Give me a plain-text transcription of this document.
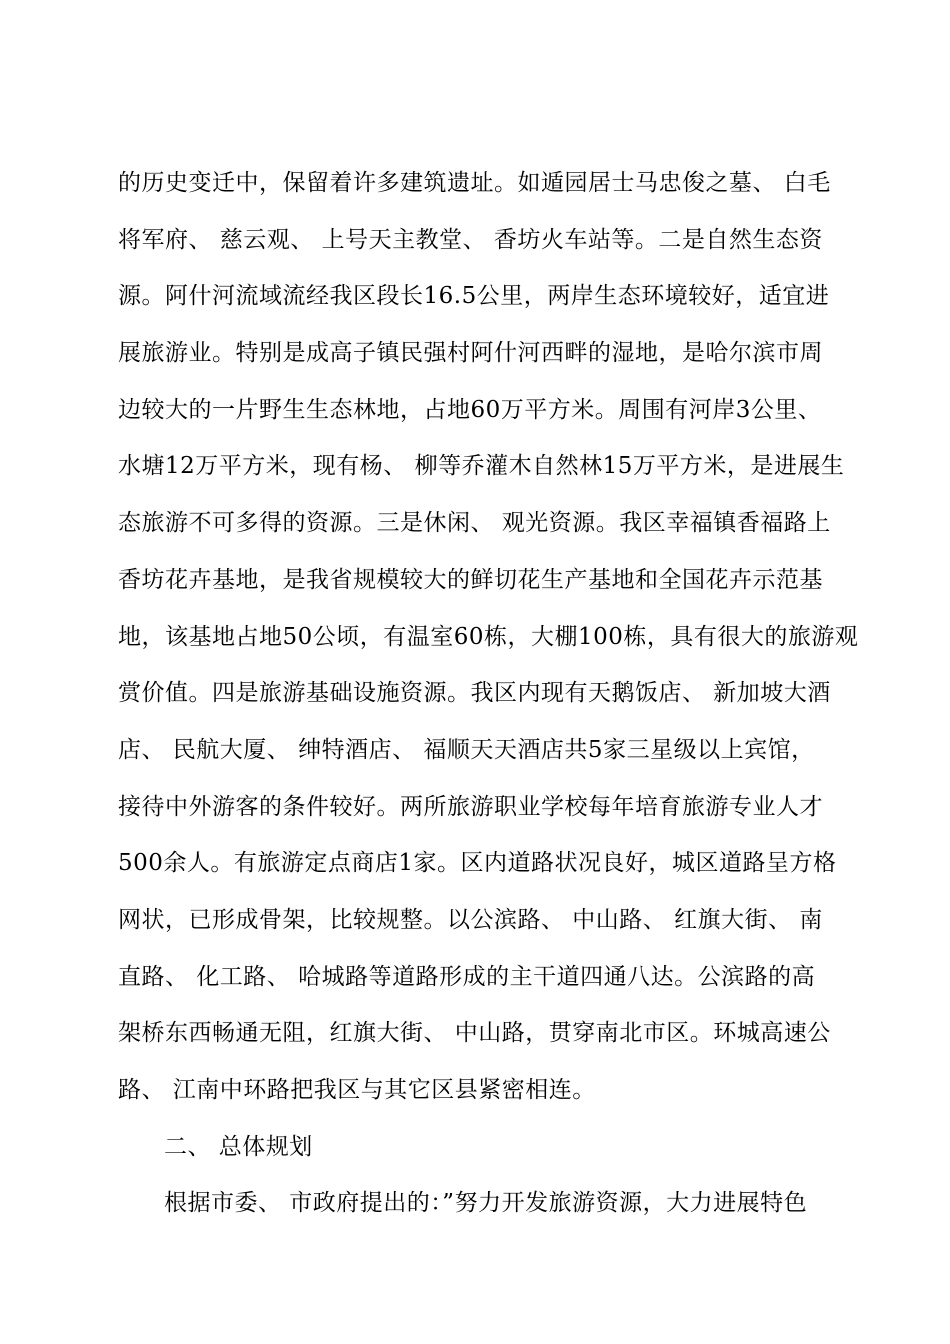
的历史变迁中，保留着许多建筑遗址。如遁园居士马忠俊之墓、 白毛
将军府、 慈云观、 上号天主教堂、 香坊火车站等。二是自然生态资
源。阿什河流域流经我区段长16.5公里，两岸生态环境较好，适宜进
展旅游业。特别是成高子镇民强村阿什河西畔的湿地，是哈尔滨市周
边较大的一片野生生态林地，占地60万平方米。周围有河岸3公里、
水塘12万平方米，现有杨、 柳等乔灌木自然林15万平方米，是进展生
态旅游不可多得的资源。三是休闲、 观光资源。我区幸福镇香福路上
香坊花卉基地，是我省规模较大的鲜切花生产基地和全国花卉示范基
地，该基地占地50公顷，有温室60栋，大棚100栋，具有很大的旅游观
赏价值。四是旅游基础设施资源。我区内现有天鹅饭店、 新加坡大酒
店、 民航大厦、 绅特酒店、 福顺天天酒店共5家三星级以上宾馆，
接待中外游客的条件较好。两所旅游职业学校每年培育旅游专业人才
500余人。有旅游定点商店1家。区内道路状况良好，城区道路呈方格
网状，已形成骨架，比较规整。以公滨路、 中山路、 红旗大街、 南
直路、 化工路、 哈城路等道路形成的主干道四通八达。公滨路的高
架桥东西畅通无阻，红旗大街、 中山路，贯穿南北市区。环城高速公
路、 江南中环路把我区与其它区县紧密相连。
二、 总体规划
根据市委、 市政府提出的：”努力开发旅游资源，大力进展特色
